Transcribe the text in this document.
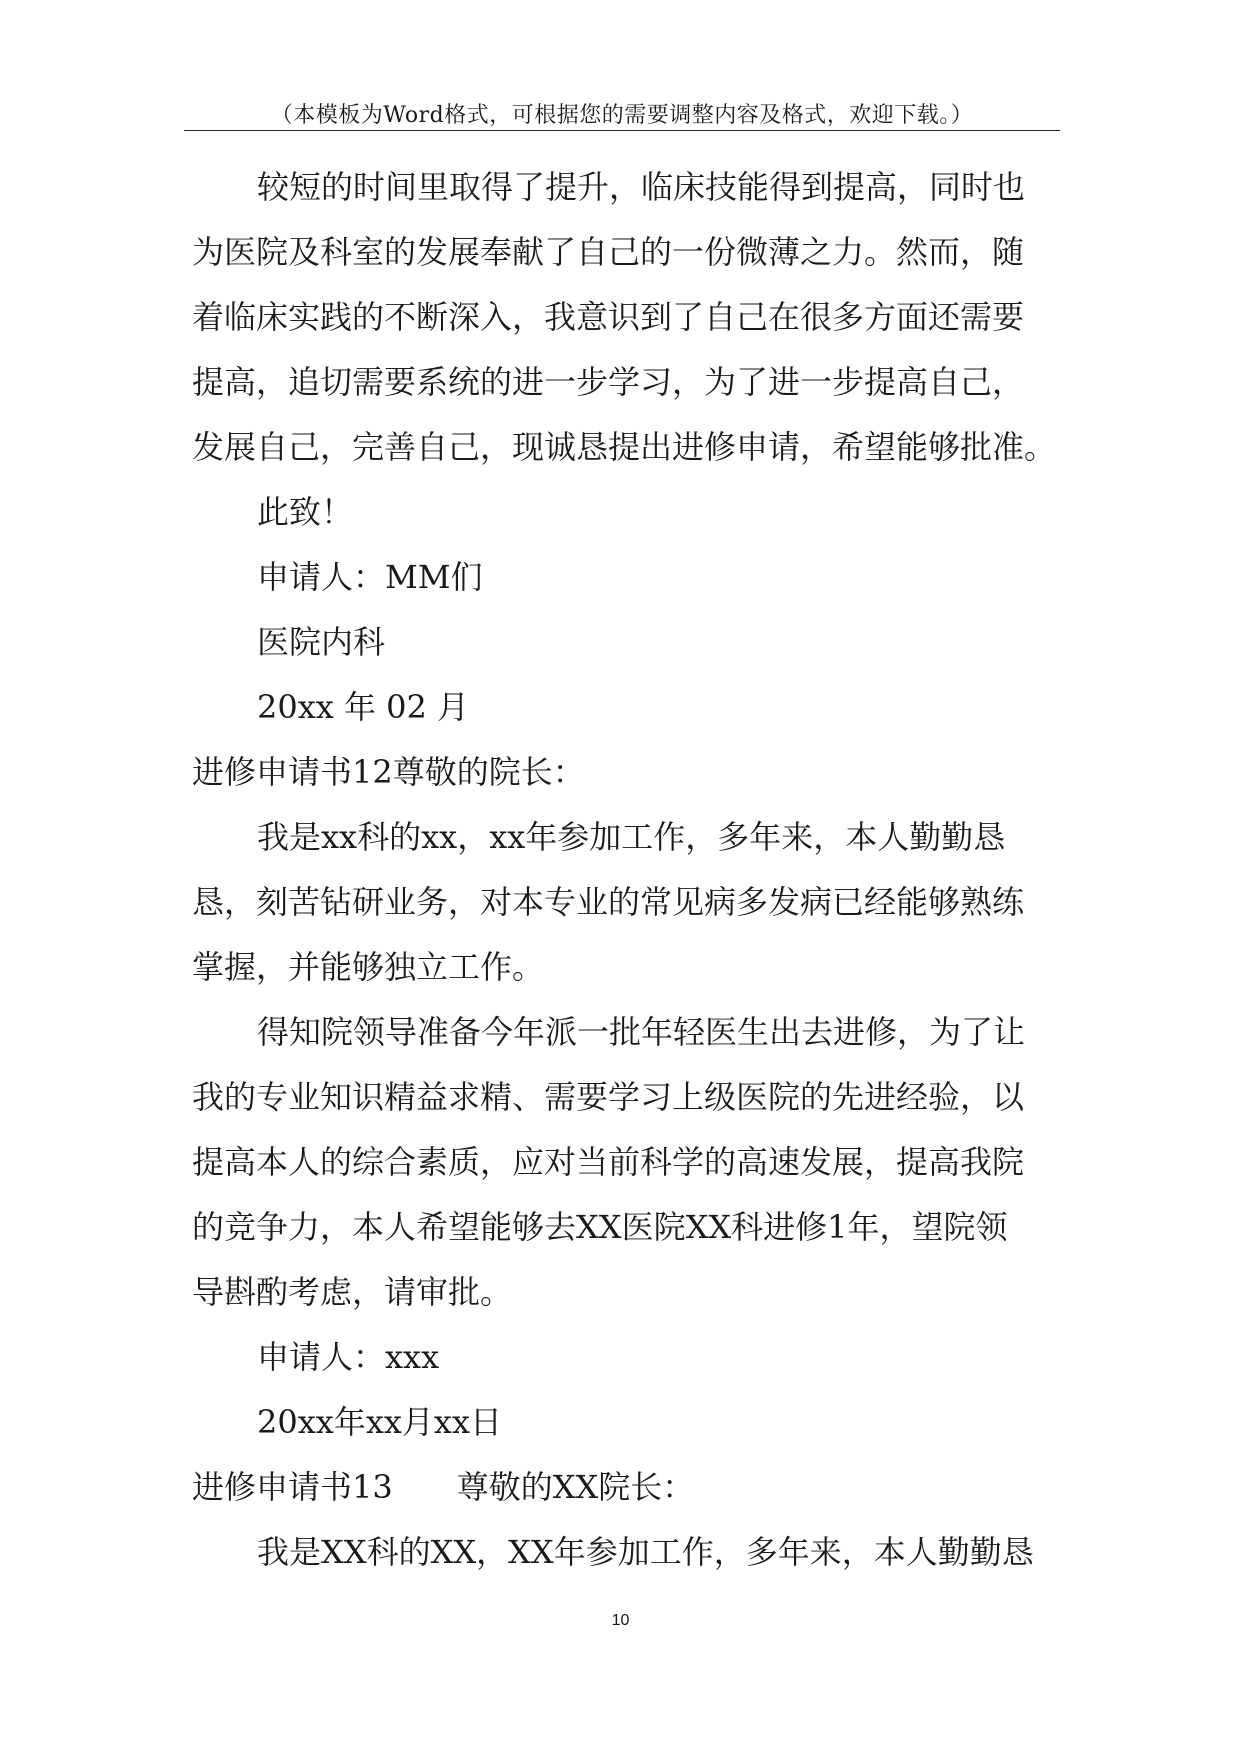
（本模板为Word格式，可根据您的需要调整内容及格式，欢迎下载。）
较短的时间里取得了提升，临床技能得到提高，同时也
为医院及科室的发展奉献了自己的一份微薄之力。然而，随
着临床实践的不断深入，我意识到了自己在很多方面还需要
提高，追切需要系统的进一步学习，为了进一步提高自己，
发展自己，完善自己，现诚恳提出进修申请，希望能够批准。
此致！
申请人：MM们
医院内科
20xx 年 02 月
进修申请书12尊敬的院长：
我是xx科的xx，xx年参加工作，多年来，本人勤勤恳
恳，刻苦钻研业务，对本专业的常见病多发病已经能够熟练
掌握，并能够独立工作。
得知院领导准备今年派一批年轻医生出去进修，为了让
我的专业知识精益求精、需要学习上级医院的先进经验，以
提高本人的综合素质，应对当前科学的高速发展，提高我院
的竞争力，本人希望能够去XX医院XX科进修1年，望院领
导斟酌考虑，请审批。
申请人：xxx
20xx年xx月xx日
进修申请书13　　尊敬的XX院长：
我是XX科的XX，XX年参加工作，多年来，本人勤勤恳
10
